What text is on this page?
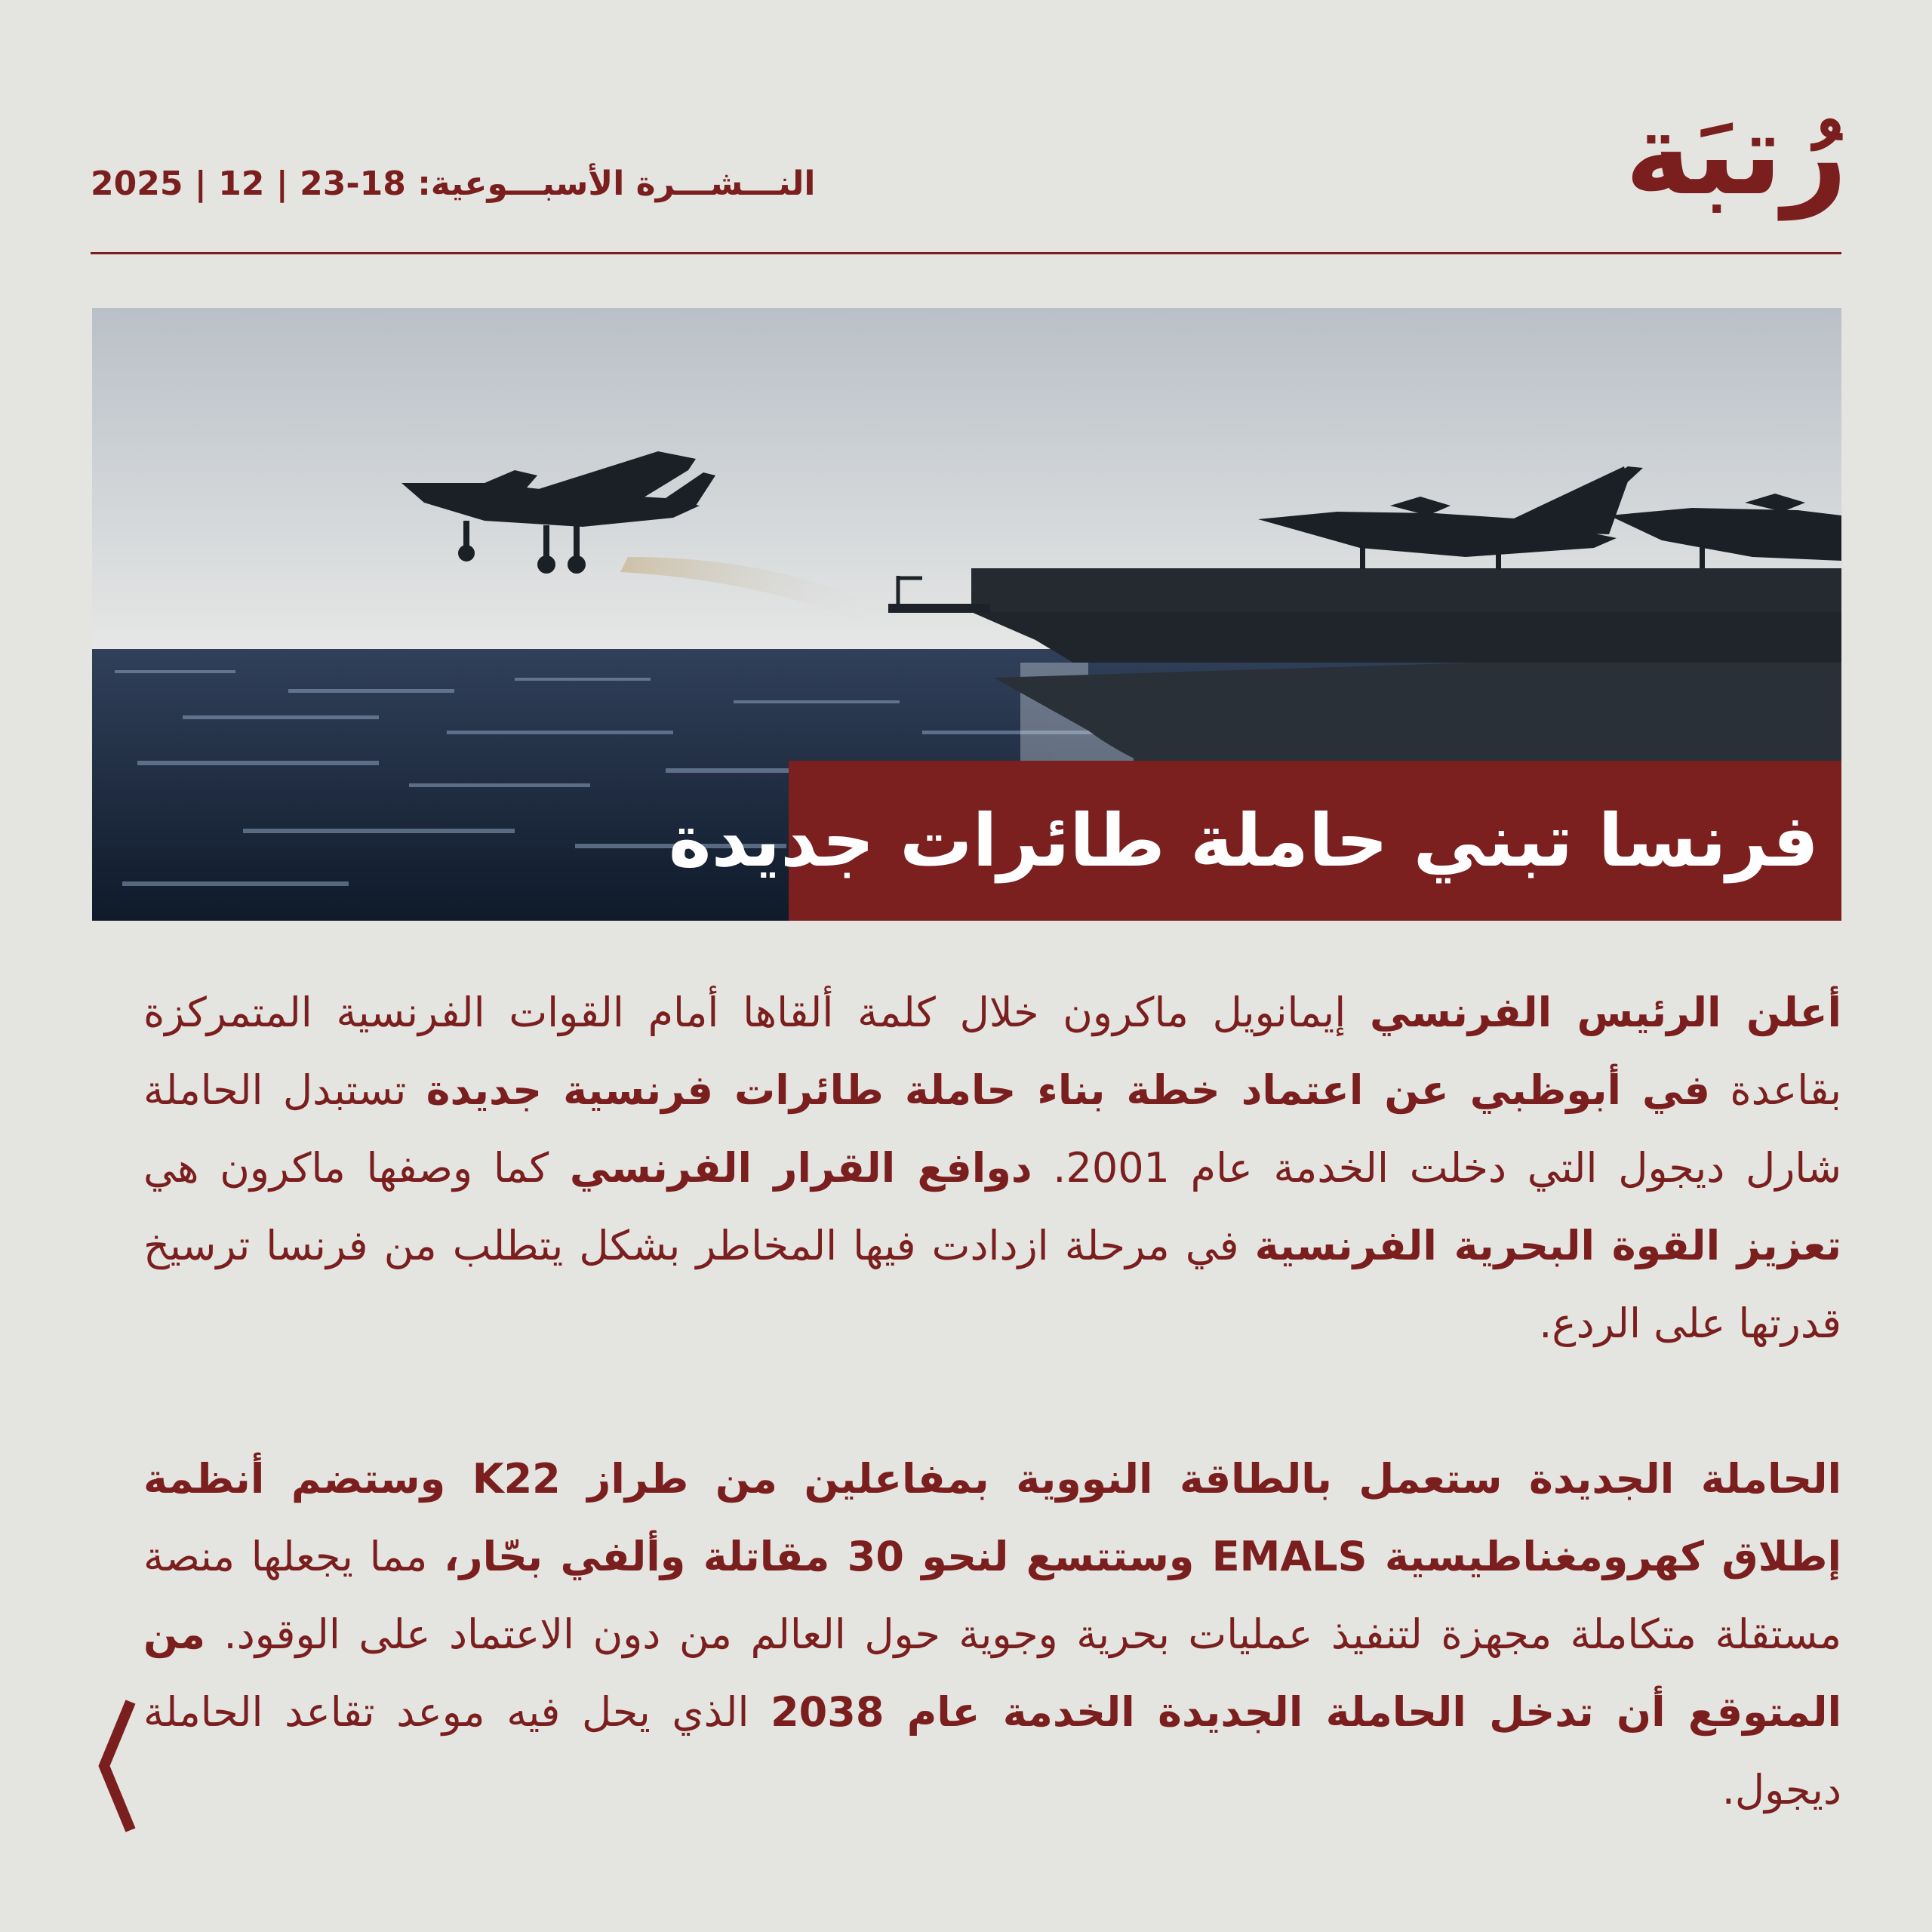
النـــشـــرة الأسبـــوعية: 18-23 | 12 | 2025	رُتبَة
فرنسا تبني حاملة طائرات جديدة

أعلن الرئيس الفرنسي إيمانويل ماكرون خلال كلمة ألقاها أمام القوات الفرنسية المتمركزة بقاعدة في أبوظبي عن اعتماد خطة بناء حاملة طائرات فرنسية جديدة تستبدل الحاملة شارل ديجول التي دخلت الخدمة عام 2001. دوافع القرار الفرنسي كما وصفها ماكرون هي تعزيز القوة البحرية الفرنسية في مرحلة ازدادت فيها المخاطر بشكل يتطلب من فرنسا ترسيخ قدرتها على الردع.

الحاملة الجديدة ستعمل بالطاقة النووية بمفاعلين من طراز K22 وستضم أنظمة إطلاق كهرومغناطيسية EMALS وستتسع لنحو 30 مقاتلة وألفي بحّار، مما يجعلها منصة مستقلة متكاملة مجهزة لتنفيذ عمليات بحرية وجوية حول العالم من دون الاعتماد على الوقود. من المتوقع أن تدخل الحاملة الجديدة الخدمة عام 2038 الذي يحل فيه موعد تقاعد الحاملة ديجول.
